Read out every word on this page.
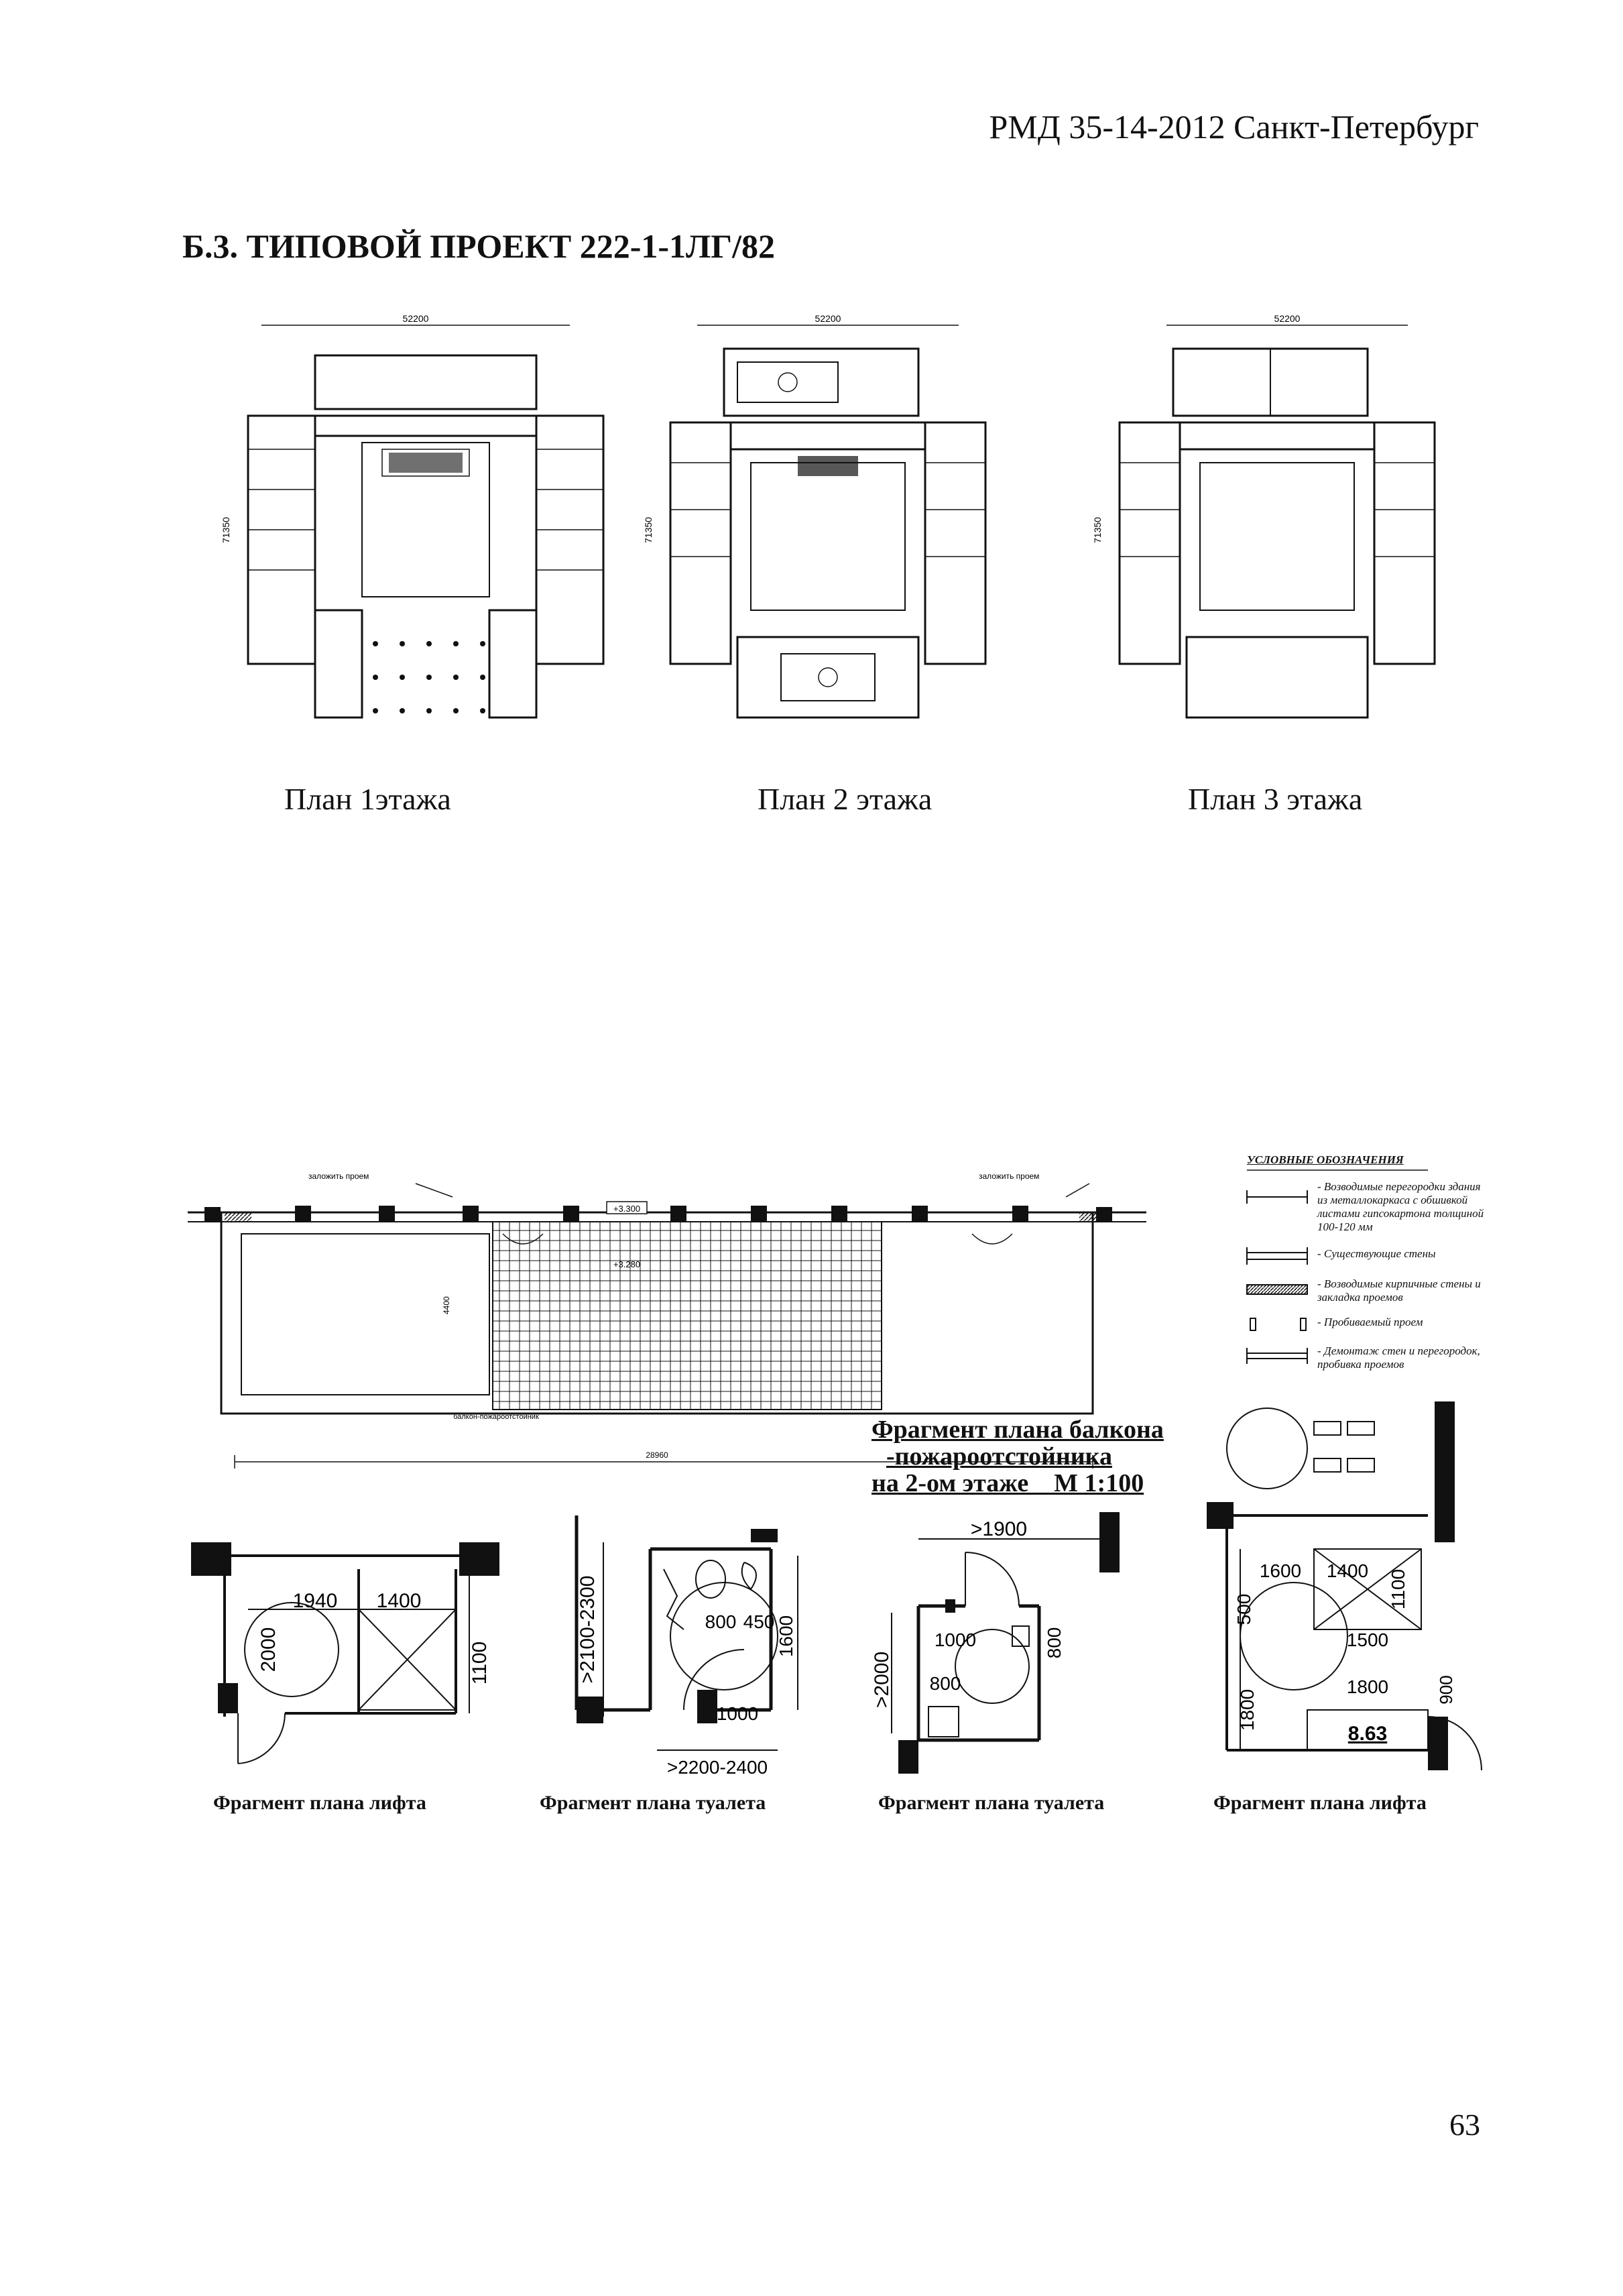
РМД 35-14-2012 Санкт-Петербург
Б.3. ТИПОВОЙ ПРОЕКТ 222-1-1ЛГ/82
52200
71350
52200
71350
52200
71350
План 1этажа	План 2 этажа	План 3 этажа
+3.300
+3.280
заложить проем	заложить проем
балкон-пожароотстойник
4400
28960
Фрагмент плана балкона
-пожароотстойника
на 2-ом этаже    М 1:100
УСЛОВНЫЕ ОБОЗНАЧЕНИЯ
- Возводимые перегородки здания из металлокаркаса с обшивкой листами гипсокартона толщиной 100-120 мм
- Существующие стены
- Возводимые кирпичные стены и закладка проемов
- Пробиваемый проем
- Демонтаж стен и перегородок, пробивка проемов
1940 1400
2000	1100	>2100-2300	800 450 1600
1000
>2200-2400
>1900
1000
800
800
>2000
1600 1400
500	1100
1500
1800
1800	900
8.63
Фрагмент плана лифта	Фрагмент плана туалета	Фрагмент плана туалета	Фрагмент плана лифта
63
